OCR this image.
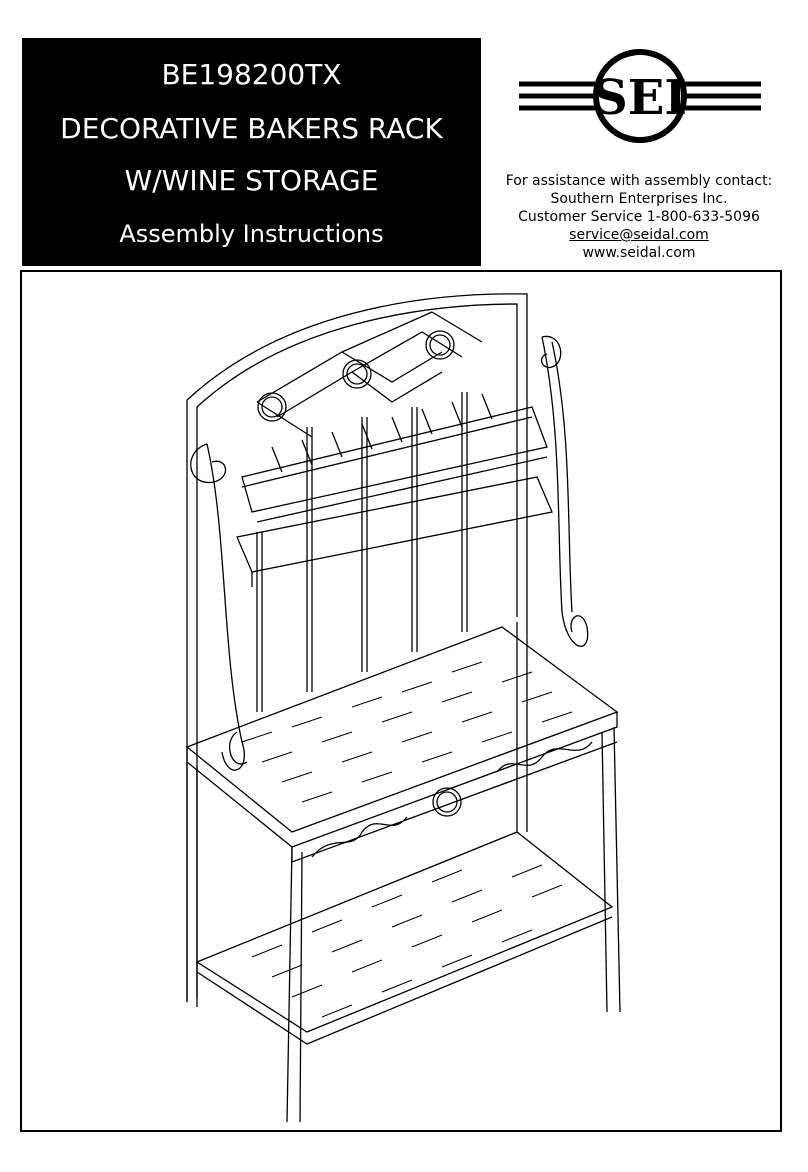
BE198200TX
DECORATIVE BAKERS RACK
W/WINE STORAGE
Assembly Instructions
SEI
For assistance with assembly contact:
Southern Enterprises Inc.
Customer Service 1-800-633-5096
service@seidal.com
www.seidal.com
